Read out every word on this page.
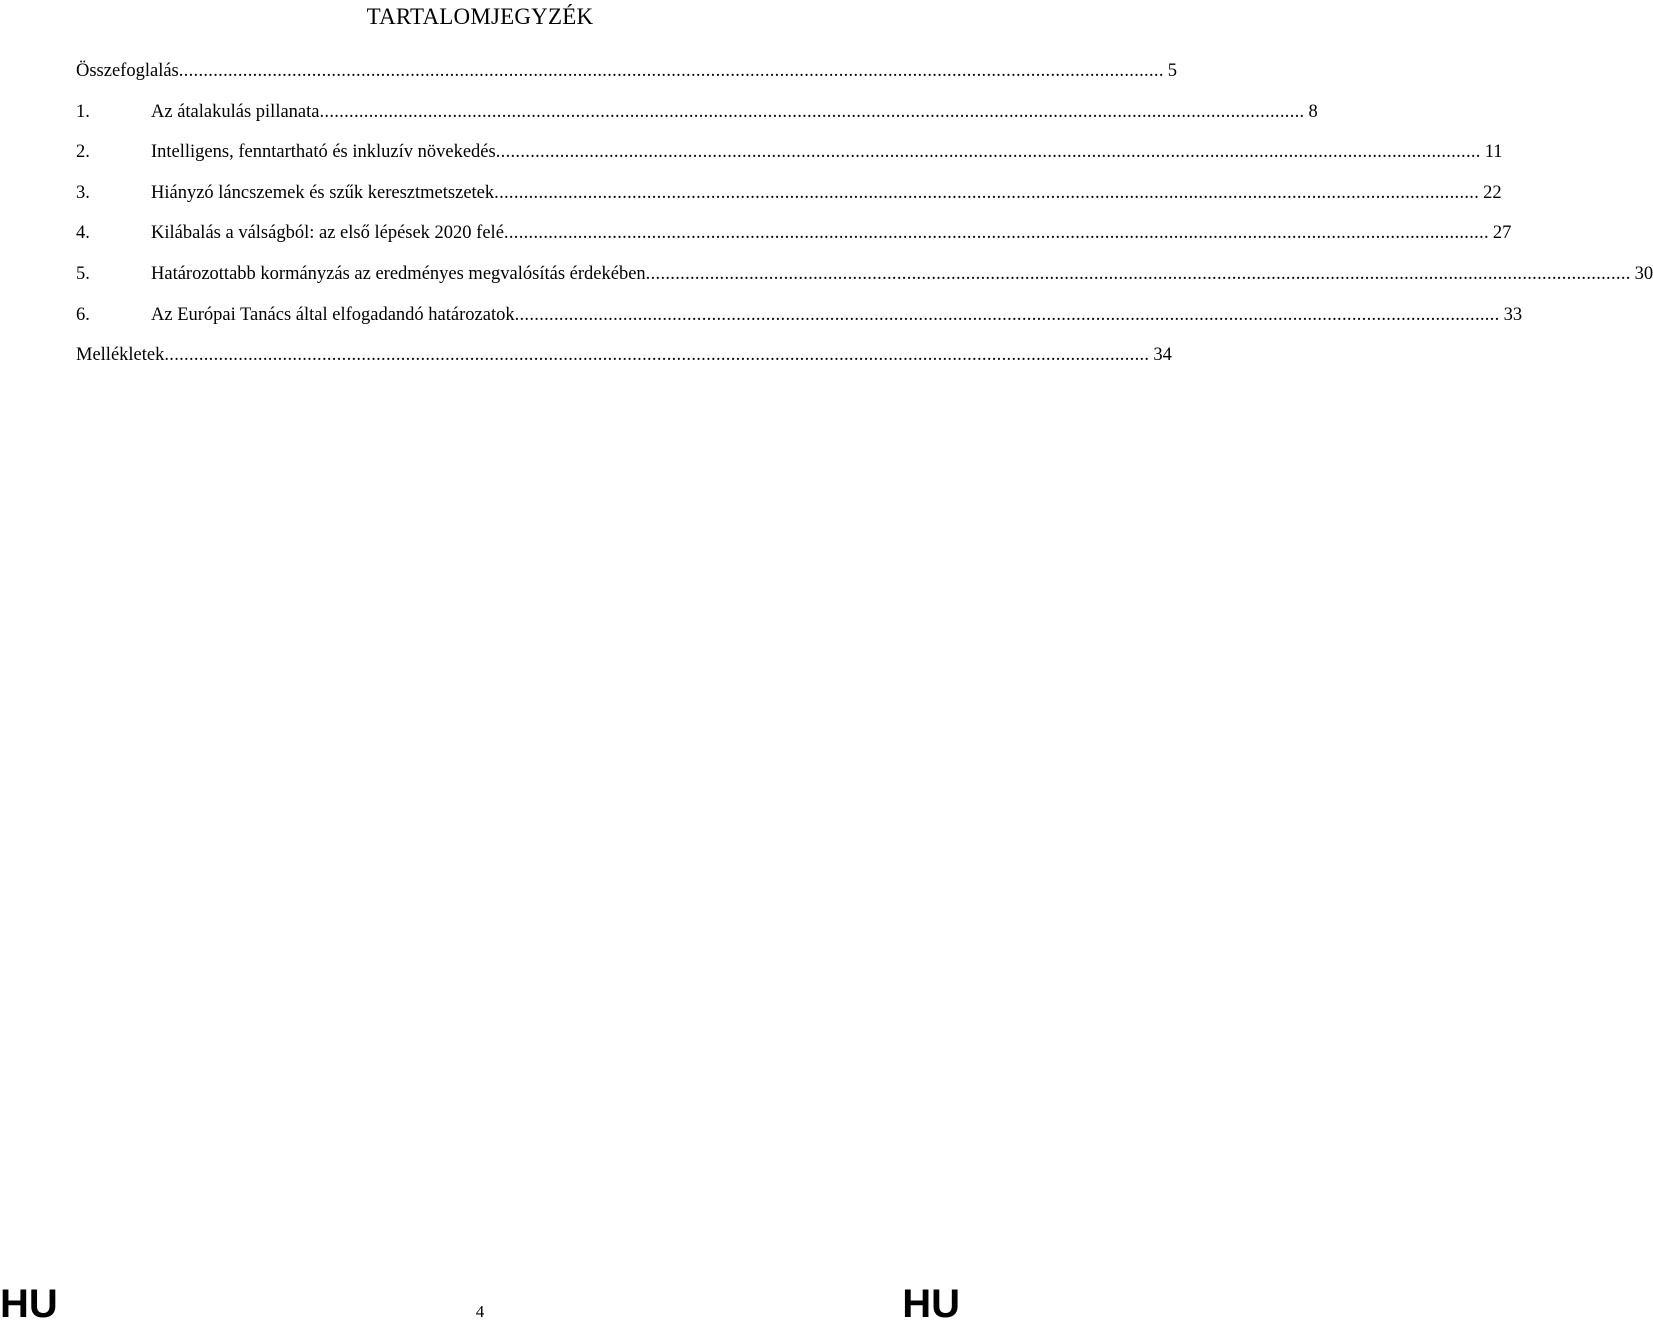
TARTALOMJEGYZÉK
Összefoglalás ........................................................................................................................................................................................................ 5
1.	Az átalakulás pillanata ........................................................................................................................................................................................................ 8
2.	Intelligens, fenntartható és inkluzív növekedés ........................................................................................................................................................................................................ 11
3.	Hiányzó láncszemek és szűk keresztmetszetek ........................................................................................................................................................................................................ 22
4.	Kilábalás a válságból: az első lépések 2020 felé ........................................................................................................................................................................................................ 27
5.	Határozottabb kormányzás az eredményes megvalósítás érdekében ........................................................................................................................................................................................................ 30
6.	Az Európai Tanács által elfogadandó határozatok ........................................................................................................................................................................................................ 33
Mellékletek ........................................................................................................................................................................................................ 34
HU	4	HU
